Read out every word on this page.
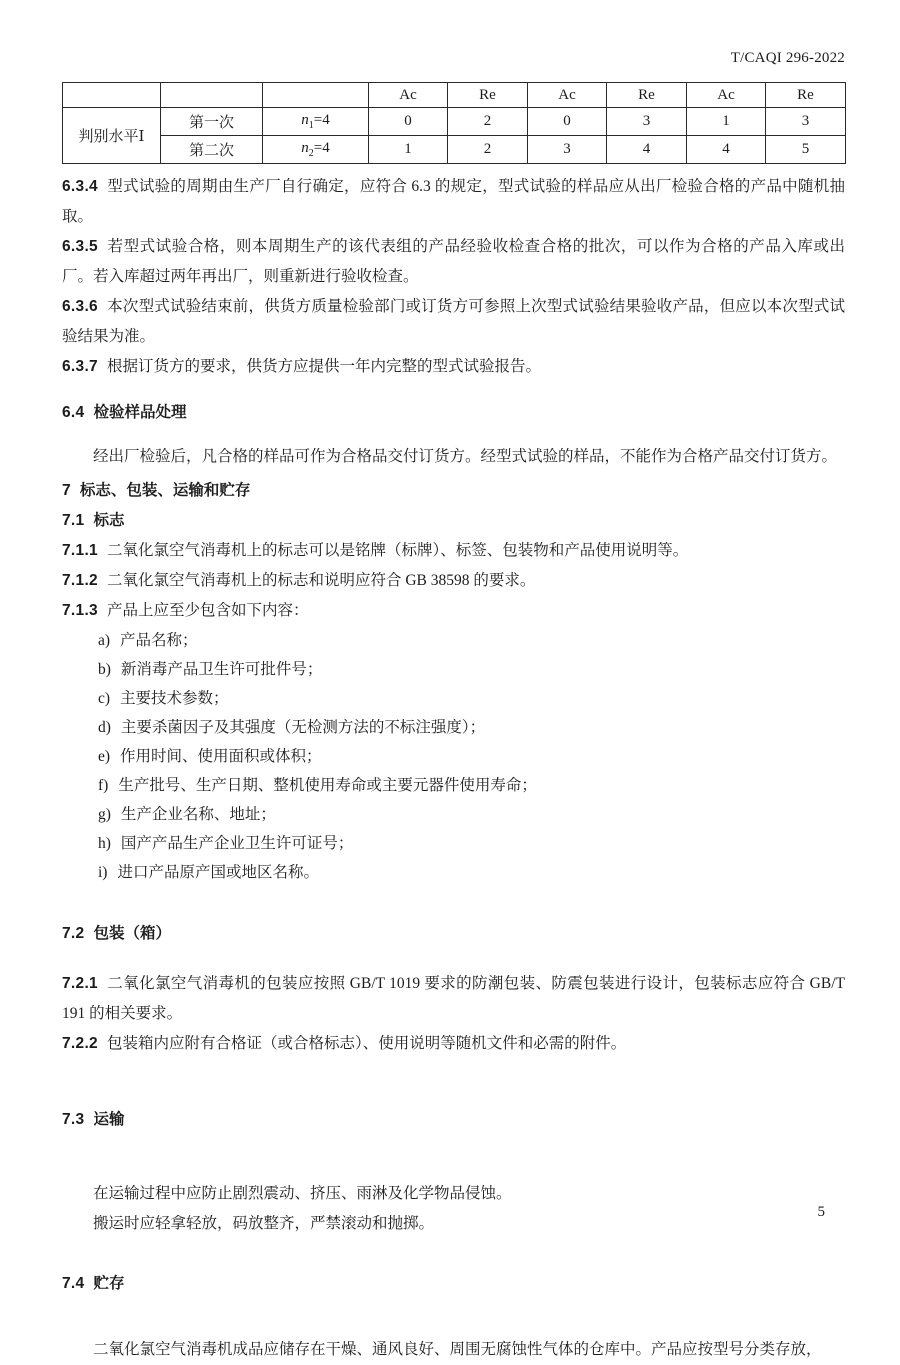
T/CAQI 296-2022
			Ac	Re	Ac	Re	Ac	Re
判别水平Ⅰ	第一次	$n_1=4$	0	2	0	3	1	3
	第二次	$n_2=4$	1	2	3	4	4	5

6.3.4 型式试验的周期由生产厂自行确定，应符合 6.3 的规定，型式试验的样品应从出厂检验合格的产品中随机抽取。

6.3.5 若型式试验合格，则本周期生产的该代表组的产品经验收检查合格的批次，可以作为合格的产品入库或出厂。若入库超过两年再出厂，则重新进行验收检查。

6.3.6 本次型式试验结束前，供货方质量检验部门或订货方可参照上次型式试验结果验收产品，但应以本次型式试验结果为准。

6.3.7 根据订货方的要求，供货方应提供一年内完整的型式试验报告。

6.4 检验样品处理

经出厂检验后，凡合格的样品可作为合格品交付订货方。经型式试验的样品，不能作为合格产品交付订货方。

7 标志、包装、运输和贮存

7.1 标志

7.1.1 二氧化氯空气消毒机上的标志可以是铭牌（标牌）、标签、包装物和产品使用说明等。

7.1.2 二氧化氯空气消毒机上的标志和说明应符合 GB 38598 的要求。

7.1.3 产品上应至少包含如下内容：

a) 产品名称；
b) 新消毒产品卫生许可批件号；
c) 主要技术参数；
d) 主要杀菌因子及其强度（无检测方法的不标注强度）；
e) 作用时间、使用面积或体积；
f) 生产批号、生产日期、整机使用寿命或主要元器件使用寿命；
g) 生产企业名称、地址；
h) 国产产品生产企业卫生许可证号；
i) 进口产品原产国或地区名称。

7.2 包装（箱）

7.2.1 二氧化氯空气消毒机的包装应按照 GB/T 1019 要求的防潮包装、防震包装进行设计，包装标志应符合 GB/T 191 的相关要求。

7.2.2 包装箱内应附有合格证（或合格标志）、使用说明等随机文件和必需的附件。

7.3 运输

在运输过程中应防止剧烈震动、挤压、雨淋及化学物品侵蚀。

搬运时应轻拿轻放，码放整齐，严禁滚动和抛掷。

7.4 贮存

二氧化氯空气消毒机成品应储存在干燥、通风良好、周围无腐蚀性气体的仓库中。产品应按型号分类存放，

5
